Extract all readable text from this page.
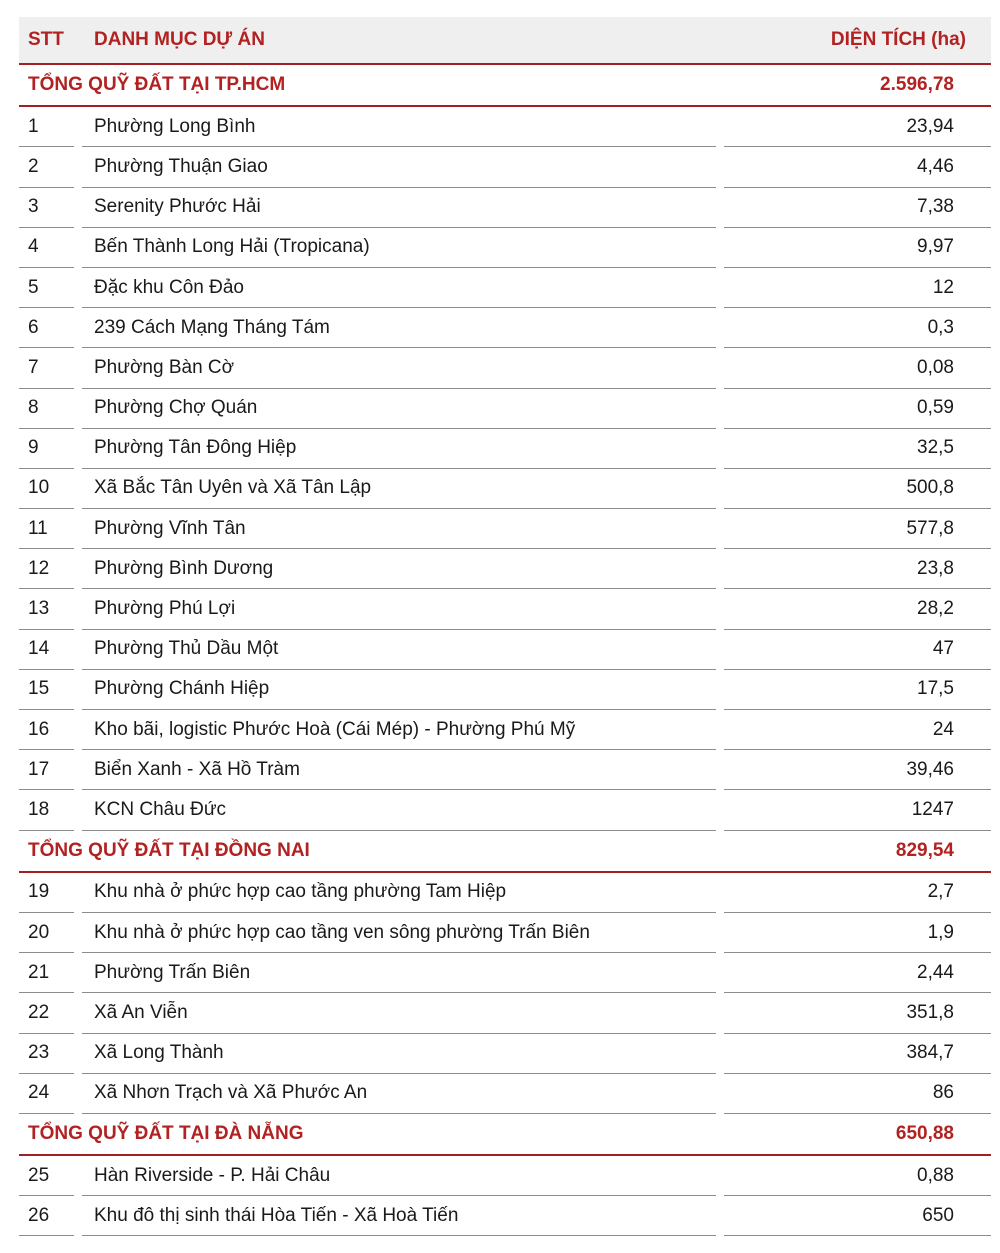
STT	DANH MỤC DỰ ÁN	DIỆN TÍCH (ha)
TỔNG QUỸ ĐẤT TẠI TP.HCM	2.596,78
1	Phường Long Bình	23,94
2	Phường Thuận Giao	4,46
3	Serenity Phước Hải	7,38
4	Bến Thành Long Hải (Tropicana)	9,97
5	Đặc khu Côn Đảo	12
6	239 Cách Mạng Tháng Tám	0,3
7	Phường Bàn Cờ	0,08
8	Phường Chợ Quán	0,59
9	Phường Tân Đông Hiệp	32,5
10	Xã Bắc Tân Uyên và Xã Tân Lập	500,8
11	Phường Vĩnh Tân	577,8
12	Phường Bình Dương	23,8
13	Phường Phú Lợi	28,2
14	Phường Thủ Dầu Một	47
15	Phường Chánh Hiệp	17,5
16	Kho bãi, logistic Phước Hoà (Cái Mép) - Phường Phú Mỹ	24
17	Biển Xanh - Xã Hồ Tràm	39,46
18	KCN Châu Đức	1247
TỔNG QUỸ ĐẤT TẠI ĐỒNG NAI	829,54
19	Khu nhà ở phức hợp cao tầng phường Tam Hiệp	2,7
20	Khu nhà ở phức hợp cao tầng ven sông phường Trấn Biên	1,9
21	Phường Trấn Biên	2,44
22	Xã An Viễn	351,8
23	Xã Long Thành	384,7
24	Xã Nhơn Trạch và Xã Phước An	86
TỔNG QUỸ ĐẤT TẠI ĐÀ NẴNG	650,88
25	Hàn Riverside - P. Hải Châu	0,88
26	Khu đô thị sinh thái Hòa Tiến - Xã Hoà Tiến	650
